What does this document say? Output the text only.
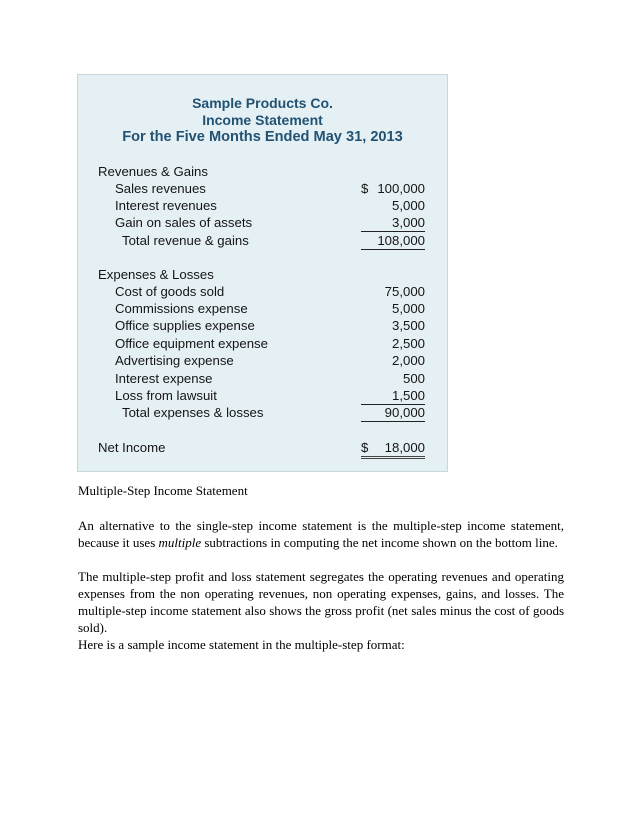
Sample Products Co.
Income Statement
For the Five Months Ended May 31, 2013
Revenues & Gains
Sales revenues	$ 100,000
Interest revenues	5,000
Gain on sales of assets	3,000
Total revenue & gains	108,000
Expenses & Losses
Cost of goods sold	75,000
Commissions expense	5,000
Office supplies expense	3,500
Office equipment expense	2,500
Advertising expense	2,000
Interest expense	500
Loss from lawsuit	1,500
Total expenses & losses	90,000
Net Income	$ 18,000
Multiple-Step Income Statement

An alternative to the single-step income statement is the multiple-step income statement, because it uses multiple subtractions in computing the net income shown on the bottom line.

The multiple-step profit and loss statement segregates the operating revenues and operating expenses from the non operating revenues, non operating expenses, gains, and losses. The multiple-step income statement also shows the gross profit (net sales minus the cost of goods sold).

Here is a sample income statement in the multiple-step format:
